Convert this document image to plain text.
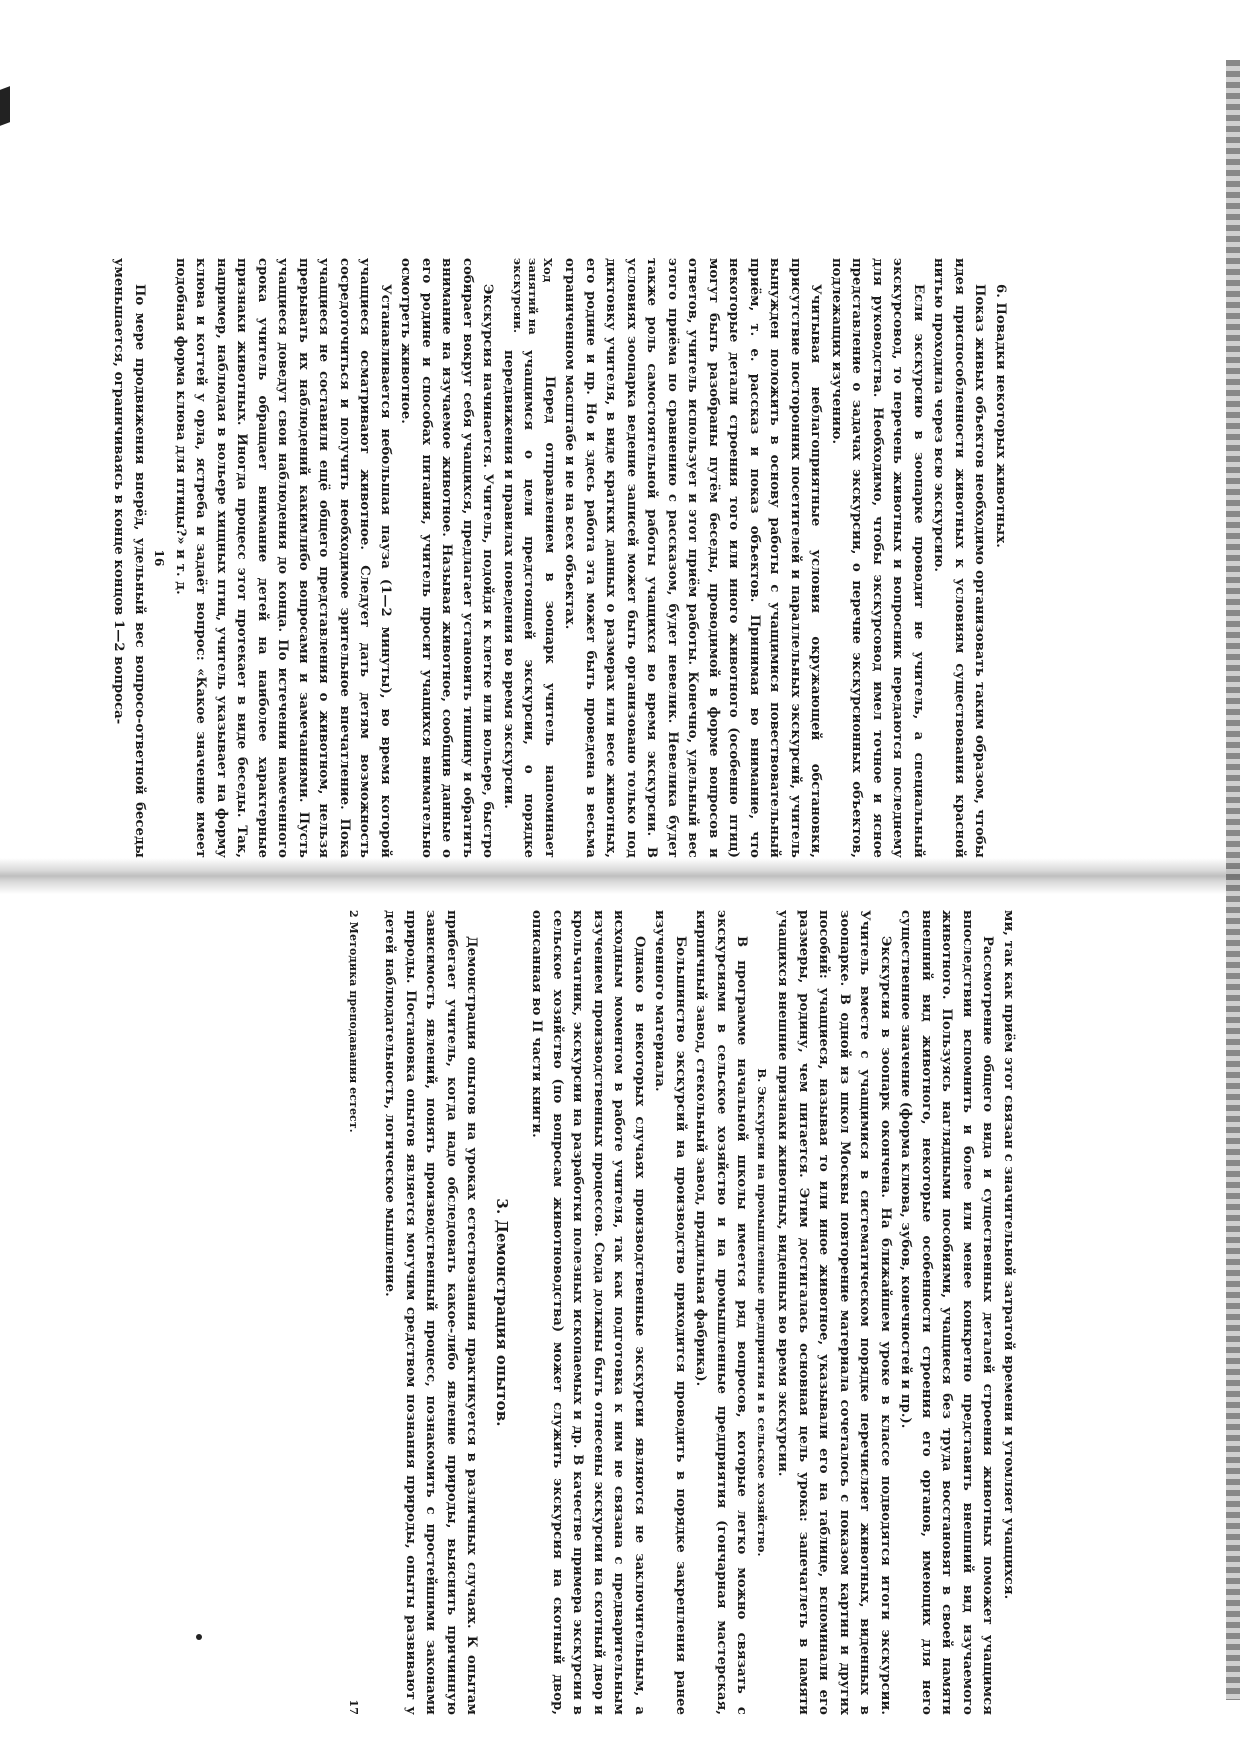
6. Повадки некоторых животных.

Показ живых объектов необходимо организовать таким образом, чтобы идея приспособленности животных к условиям существования красной нитью проходила через всю экскурсию.

Если экскурсию в зоопарке проводит не учитель, а специальный экскурсовод, то перечень животных и вопросник передаются последнему для руководства. Необходимо, чтобы экскурсовод имел точное и ясное представление о задачах экскурсии, о перечне экскурсионных объектов, подлежащих изучению.

Учитывая неблагоприятные условия окружающей обстановки, присутствие посторонних посетителей и параллельных экскурсий, учитель вынужден положить в основу работы с учащимися повествовательный приём, т. е. рассказ и показ объектов. Принимая во внимание, что некоторые детали строения того или иного животного (особенно птиц) могут быть разобраны путём беседы, проводимой в форме вопросов и ответов, учитель использует и этот приём работы. Конечно, удельный вес этого приёма по сравнению с рассказом, будет невелик. Невелика будет также роль самостоятельной работы учащихся во время экскурсии. В условиях зоопарка ведение записей может быть организовано только под диктовку учителя, в виде кратких данных о размерах или весе животных, его родине и пр. Но и здесь работа эта может быть проведена в весьма ограниченном масштабе и не на всех объектах.

Ход занятий на экскурсии.

Перед отправлением в зоопарк учитель напоминает учащимся о цели предстоящей экскурсии, о порядке передвижения и правилах поведения во время экскурсии.

Экскурсия начинается. Учитель, подойдя к клетке или вольере, быстро собирает вокруг себя учащихся, предлагает установить тишину и обратить внимание на изучаемое животное. Называя животное, сообщив данные о его родине и способах питания, учитель просит учащихся внимательно осмотреть животное.

Устанавливается небольшая пауза (1—2 минуты), во время которой учащиеся осматривают животное. Следует дать детям возможность сосредоточиться и получить необходимое зрительное впечатление. Пока учащиеся не составили ещё общего представления о животном, нельзя прерывать их наблюдений какимлибо вопросами и замечаниями. Пусть учащиеся доведут свои наблюдения до конца. По истечении намеченного срока учитель обращает внимание детей на наиболее характерные признаки животных. Иногда процесс этот протекает в виде беседы. Так, например, наблюдая в вольере хищных птиц, учитель указывает на форму клюва и когтей у орла, ястреба и задаёт вопрос: «Какое значение имеет подобная форма клюва для птицы?» и т. д.

16

По мере продвижения вперёд, удельный вес вопросо-ответной беседы уменьшается, ограничиваясь в конце концов 1—2 вопроса-

ми, так как приём этот связан с значительной затратой времени и утомляет учащихся.

Рассмотрение общего вида и существенных деталей строения животных поможет учащимся впоследствии вспомнить и более или менее конкретно представить внешний вид изучаемого животного. Пользуясь наглядными пособиями, учащиеся без труда восстановят в своей памяти внешний вид животного, некоторые особенности строения его органов, имеющих для него существенное значение (форма клюва, зубов, конечностей и пр.).

Экскурсия в зоопарк окончена. На ближайшем уроке в классе подводятся итоги экскурсии. Учитель вместе с учащимися в систематическом порядке перечисляет животных, виденных в зоопарке. В одной из школ Москвы повторение материала сочеталось с показом картин и других пособий: учащиеся, называя то или иное животное, указывали его на таблице, вспоминали его размеры, родину, чем питается. Этим достигалась основная цель урока: запечатлеть в памяти учащихся внешние признаки животных, виденных во время экскурсии.

В. Экскурсии на промышленные предприятия и в сельское хозяйство.

В программе начальной школы имеется ряд вопросов, которые легко можно связать с экскурсиями в сельское хозяйство и на промышленные предприятия (гончарная мастерская, кирпичный завод, стекольный завод, прядильная фабрика).

Большинство экскурсий на производство приходится проводить в порядке закрепления ранее изученного материала.

Однако в некоторых случаях производственные экскурсии являются не заключительным, а исходным моментом в работе учителя, так как подготовка к ним не связана с предварительным изучением производственных процессов. Сюда должны быть отнесены экскурсии на скотный двор и крольчатник, экскурсии на разработки полезных ископаемых и др. В качестве примера экскурсии в сельское хозяйство (по вопросам животноводства) может служить экскурсия на скотный двор, описанная во II части книги.

3. Демонстрация опытов.

Демонстрация опытов на уроках естествознания практикуется в различных случаях. К опытам прибегает учитель, когда надо обследовать какое-либо явление природы, выяснить причинную зависимость явлений, понять производственный процесс, познакомить с простейшими законами природы. Постановка опытов является могучим средством познания природы, опыты развивают у детей наблюдательность, логическое мышление.

2 Методика преподавания естест.
17
